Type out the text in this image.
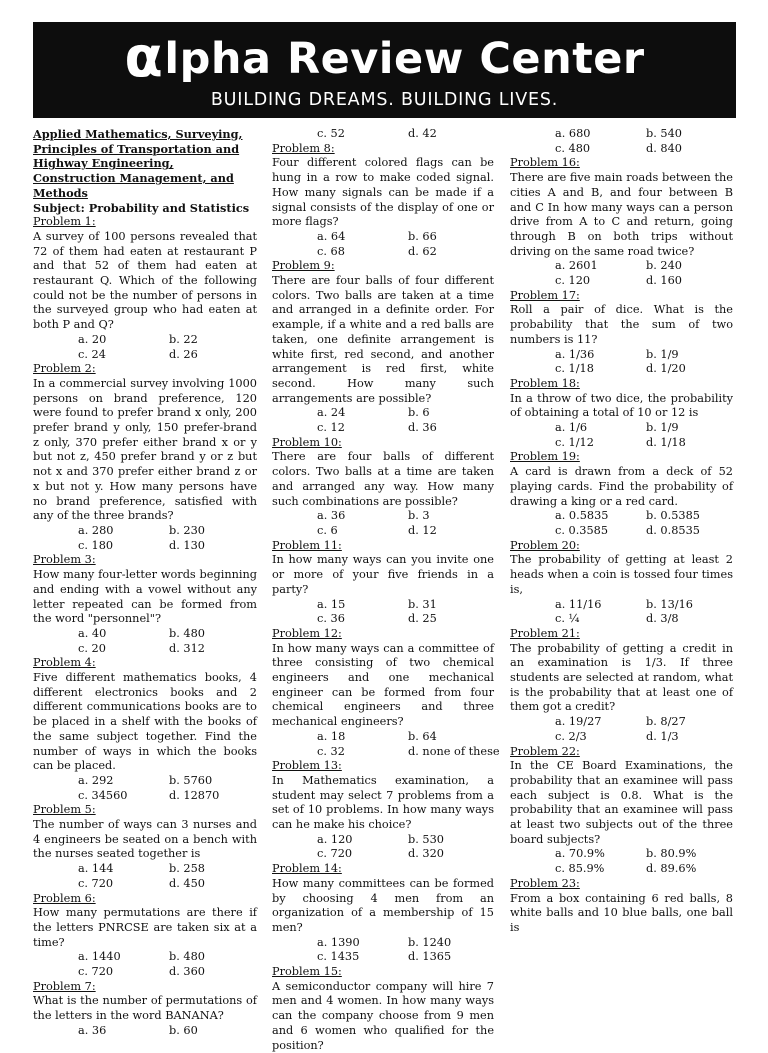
αlpha Review Center
BUILDING DREAMS. BUILDING LIVES.

Applied Mathematics, Surveying, Principles of Transportation and Highway Engineering, Construction Management, and Methods

Subject: Probability and Statistics

Problem 1:

A survey of 100 persons revealed that 72 of them had eaten at restaurant P and that 52 of them had eaten at restaurant Q. Which of the following could not be the number of persons in the surveyed group who had eaten at both P and Q?

a. 20	b. 22
c. 24	d. 26

Problem 2:

In a commercial survey involving 1000 persons on brand preference, 120 were found to prefer brand x only, 200 prefer brand y only, 150 prefer-brand z only, 370 prefer either brand x or y but not z, 450 prefer brand y or z but not x and 370 prefer either brand z or x but not y. How many persons have no brand preference, satisfied with any of the three brands?

a. 280	b. 230
c. 180	d. 130

Problem 3:

How many four-letter words beginning and ending with a vowel without any letter repeated can be formed from the word "personnel"?

a. 40	b. 480
c. 20	d. 312

Problem 4:

Five different mathematics books, 4 different electronics books and 2 different communications books are to be placed in a shelf with the books of the same subject together. Find the number of ways in which the books can be placed.

a. 292	b. 5760
c. 34560	d. 12870

Problem 5:

The number of ways can 3 nurses and 4 engineers be seated on a bench with the nurses seated together is

a. 144	b. 258
c. 720	d. 450

Problem 6:

How many permutations are there if the letters PNRCSE are taken six at a time?

a. 1440	b. 480
c. 720	d. 360

Problem 7:

What is the number of permutations of the letters in the word BANANA?

a. 36	b. 60
c. 52	d. 42

Problem 8:

Four different colored flags can be hung in a row to make coded signal. How many signals can be made if a signal consists of the display of one or more flags?

a. 64	b. 66
c. 68	d. 62

Problem 9:

There are four balls of four different colors. Two balls are taken at a time and arranged in a definite order. For example, if a white and a red balls are taken, one definite arrangement is white first, red second, and another arrangement is red first, white second. How many such arrangements are possible?

a. 24	b. 6
c. 12	d. 36

Problem 10:

There are four balls of different colors. Two balls at a time are taken and arranged any way. How many such combinations are possible?

a. 36	b. 3
c. 6	d. 12

Problem 11:

In how many ways can you invite one or more of your five friends in a party?

a. 15	b. 31
c. 36	d. 25

Problem 12:

In how many ways can a committee of three consisting of two chemical engineers and one mechanical engineer can be formed from four chemical engineers and three mechanical engineers?

a. 18	b. 64
c. 32	d. none of these

Problem 13:

In Mathematics examination, a student may select 7 problems from a set of 10 problems. In how many ways can he make his choice?

a. 120	b. 530
c. 720	d. 320

Problem 14:

How many committees can be formed by choosing 4 men from an organization of a membership of 15 men?

a. 1390	b. 1240
c. 1435	d. 1365

Problem 15:

A semiconductor company will hire 7 men and 4 women. In how many ways can the company choose from 9 men and 6 women who qualified for the position?

a. 680	b. 540
c. 480	d. 840

Problem 16:

There are five main roads between the cities A and B, and four between B and C In how many ways can a person drive from A to C and return, going through B on both trips without driving on the same road twice?

a. 2601	b. 240
c. 120	d. 160

Problem 17:

Roll a pair of dice. What is the probability that the sum of two numbers is 11?

a. 1/36	b. 1/9
c. 1/18	d. 1/20

Problem 18:

In a throw of two dice, the probability of obtaining a total of 10 or 12 is

a. 1/6	b. 1/9
c. 1/12	d. 1/18

Problem 19:

A card is drawn from a deck of 52 playing cards. Find the probability of drawing a king or a red card.

a. 0.5835	b. 0.5385
c. 0.3585	d. 0.8535

Problem 20:

The probability of getting at least 2 heads when a coin is tossed four times is,

a. 11/16	b. 13/16
c. ¼	d. 3/8

Problem 21:

The probability of getting a credit in an examination is 1/3. If three students are selected at random, what is the probability that at least one of them got a credit?

a. 19/27	b. 8/27
c. 2/3	d. 1/3

Problem 22:

In the CE Board Examinations, the probability that an examinee will pass each subject is 0.8. What is the probability that an examinee will pass at least two subjects out of the three board subjects?

a. 70.9%	b. 80.9%
c. 85.9%	d. 89.6%

Problem 23:

From a box containing 6 red balls, 8 white balls and 10 blue balls, one ball is
